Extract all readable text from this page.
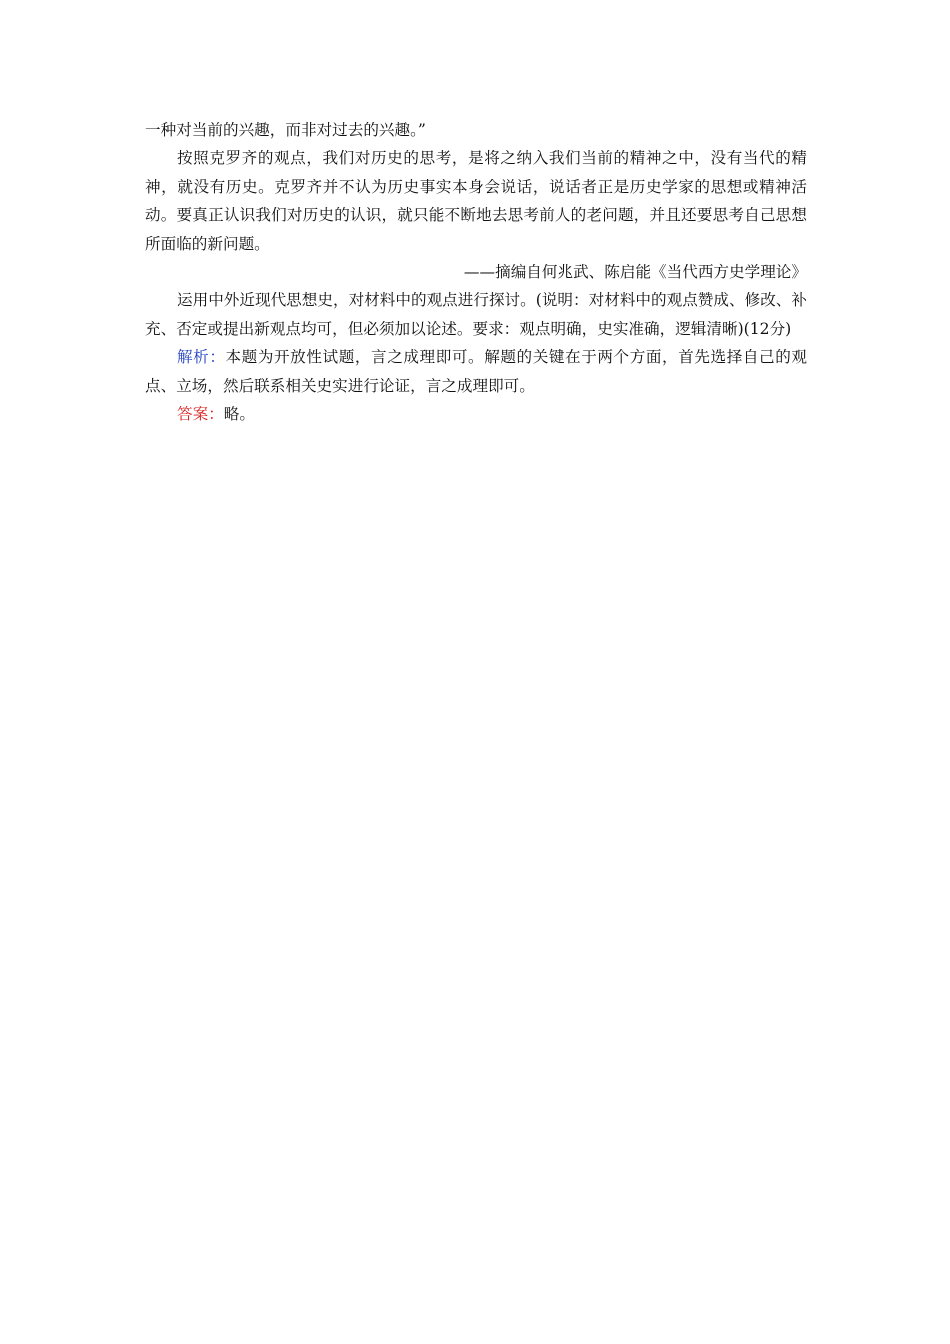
一种对当前的兴趣，而非对过去的兴趣。”

按照克罗齐的观点，我们对历史的思考，是将之纳入我们当前的精神之中，没有当代的精神，就没有历史。克罗齐并不认为历史事实本身会说话，说话者正是历史学家的思想或精神活动。要真正认识我们对历史的认识，就只能不断地去思考前人的老问题，并且还要思考自己思想所面临的新问题。

——摘编自何兆武、陈启能《当代西方史学理论》

运用中外近现代思想史，对材料中的观点进行探讨。(说明：对材料中的观点赞成、修改、补充、否定或提出新观点均可，但必须加以论述。要求：观点明确，史实准确，逻辑清晰)(12分)

解析：本题为开放性试题，言之成理即可。解题的关键在于两个方面，首先选择自己的观点、立场，然后联系相关史实进行论证，言之成理即可。

答案：略。
